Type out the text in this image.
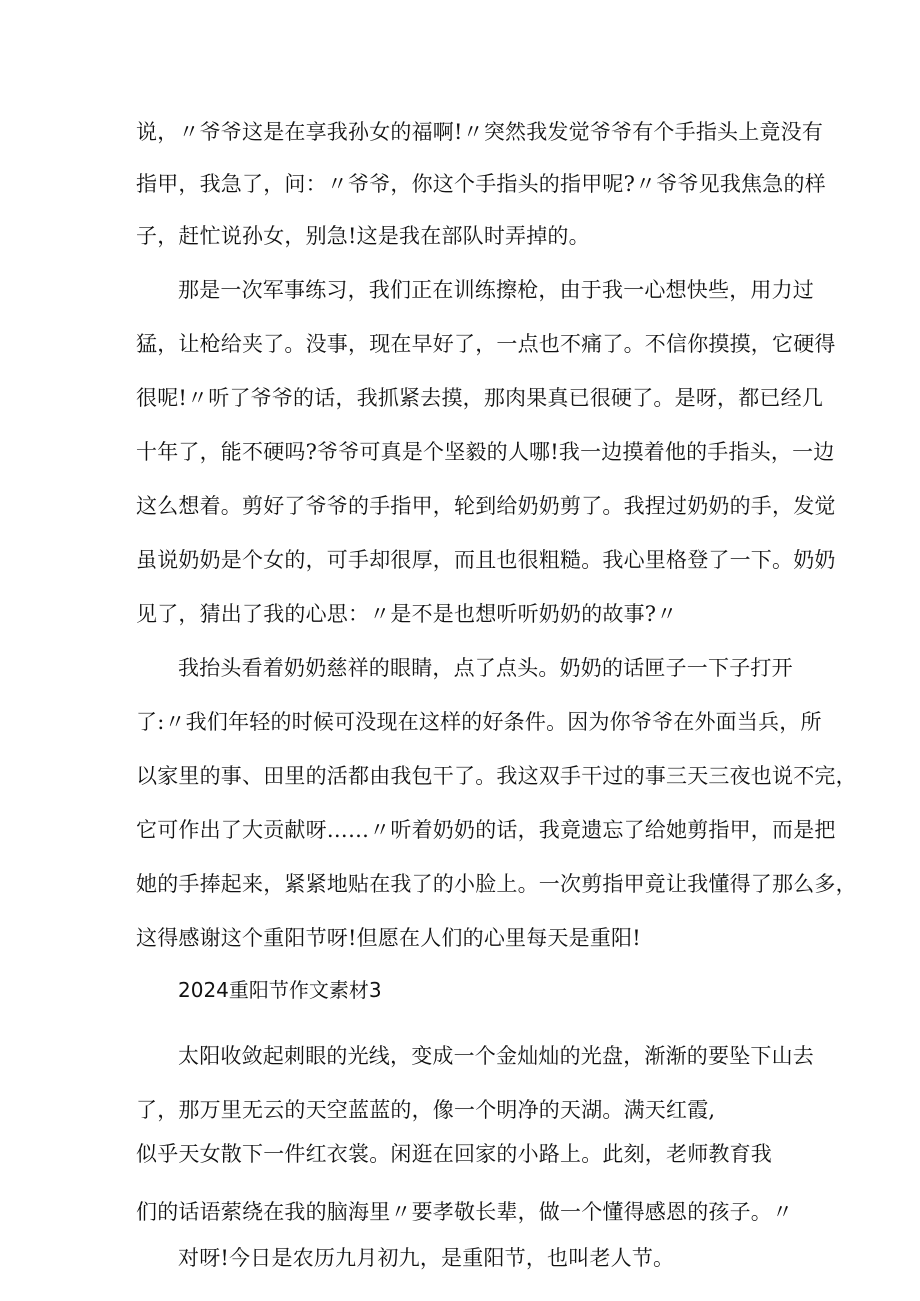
说，〃爷爷这是在享我孙女的福啊!〃突然我发觉爷爷有个手指头上竟没有
指甲，我急了，问：〃爷爷，你这个手指头的指甲呢?〃爷爷见我焦急的样
子，赶忙说孙女，别急!这是我在部队时弄掉的。
那是一次军事练习，我们正在训练擦枪，由于我一心想快些，用力过
猛，让枪给夹了。没事，现在早好了，一点也不痛了。不信你摸摸，它硬得
很呢!〃听了爷爷的话，我抓紧去摸，那肉果真已很硬了。是呀，都已经几
十年了，能不硬吗?爷爷可真是个坚毅的人哪!我一边摸着他的手指头，一边
这么想着。剪好了爷爷的手指甲，轮到给奶奶剪了。我捏过奶奶的手，发觉
虽说奶奶是个女的，可手却很厚，而且也很粗糙。我心里格登了一下。奶奶
见了，猜出了我的心思：〃是不是也想听听奶奶的故事?〃
我抬头看着奶奶慈祥的眼睛，点了点头。奶奶的话匣子一下子打开
了:〃我们年轻的时候可没现在这样的好条件。因为你爷爷在外面当兵，所
以家里的事、田里的活都由我包干了。我这双手干过的事三天三夜也说不完，
它可作出了大贡献呀……〃听着奶奶的话，我竟遗忘了给她剪指甲，而是把
她的手捧起来，紧紧地贴在我了的小脸上。一次剪指甲竟让我懂得了那么多，
这得感谢这个重阳节呀!但愿在人们的心里每天是重阳!
2024重阳节作文素材3
太阳收敛起刺眼的光线，变成一个金灿灿的光盘，渐渐的要坠下山去
了，那万里无云的天空蓝蓝的，像一个明净的天湖。满天红霞,
似乎天女散下一件红衣裳。闲逛在回家的小路上。此刻，老师教育我
们的话语萦绕在我的脑海里〃要孝敬长辈，做一个懂得感恩的孩子。〃
对呀!今日是农历九月初九，是重阳节，也叫老人节。
